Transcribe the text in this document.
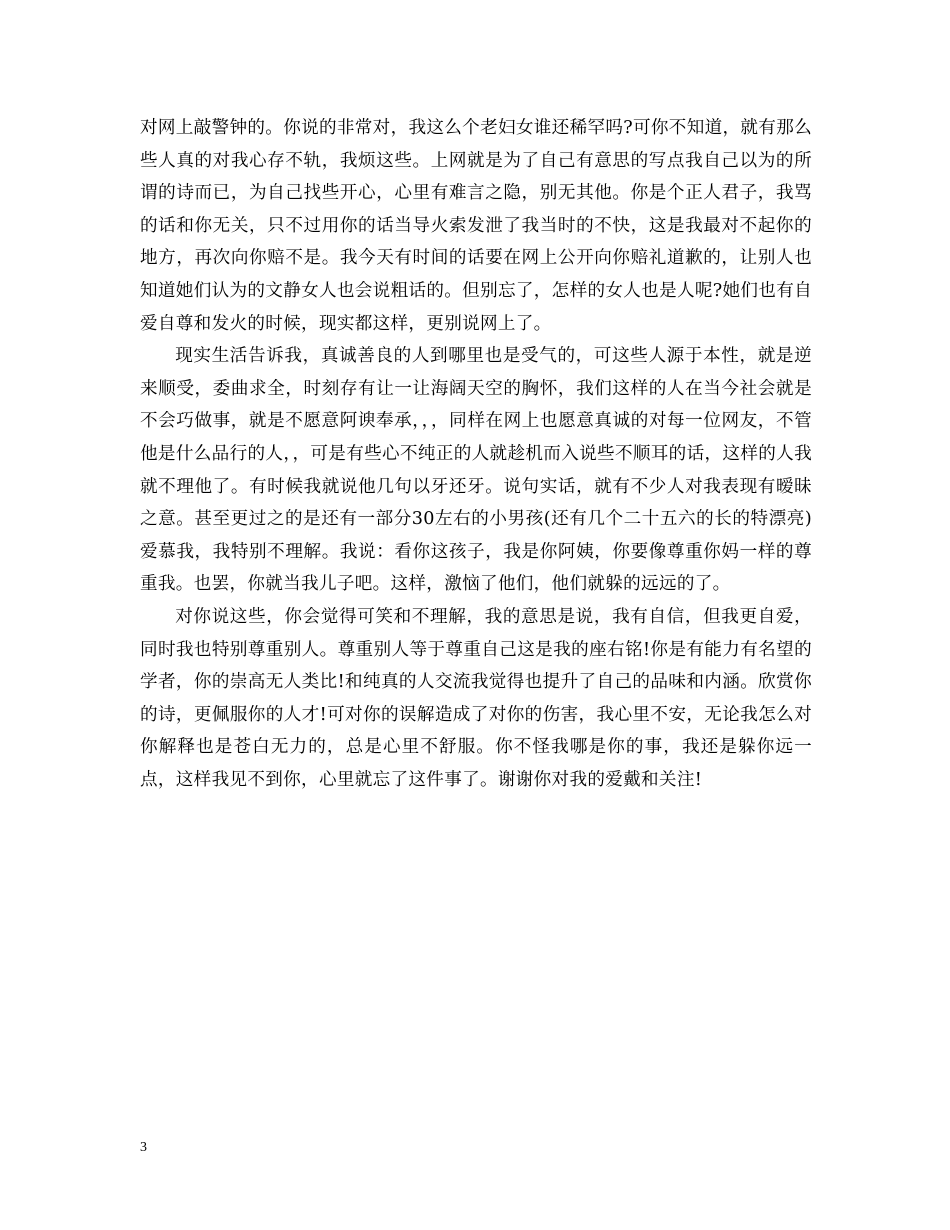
对网上敲警钟的。你说的非常对，我这么个老妇女谁还稀罕吗?可你不知道，就有那么些人真的对我心存不轨，我烦这些。上网就是为了自己有意思的写点我自己以为的所谓的诗而已，为自己找些开心，心里有难言之隐，别无其他。你是个正人君子，我骂的话和你无关，只不过用你的话当导火索发泄了我当时的不快，这是我最对不起你的地方，再次向你赔不是。我今天有时间的话要在网上公开向你赔礼道歉的，让别人也知道她们认为的文静女人也会说粗话的。但别忘了，怎样的女人也是人呢?她们也有自爱自尊和发火的时候，现实都这样，更别说网上了。

现实生活告诉我，真诚善良的人到哪里也是受气的，可这些人源于本性，就是逆来顺受，委曲求全，时刻存有让一让海阔天空的胸怀，我们这样的人在当今社会就是不会巧做事，就是不愿意阿谀奉承，，，同样在网上也愿意真诚的对每一位网友，不管他是什么品行的人，，可是有些心不纯正的人就趁机而入说些不顺耳的话，这样的人我就不理他了。有时候我就说他几句以牙还牙。说句实话，就有不少人对我表现有暧昧之意。甚至更过之的是还有一部分30左右的小男孩(还有几个二十五六的长的特漂亮)爱慕我，我特别不理解。我说：看你这孩子，我是你阿姨，你要像尊重你妈一样的尊重我。也罢，你就当我儿子吧。这样，激恼了他们，他们就躲的远远的了。

对你说这些，你会觉得可笑和不理解，我的意思是说，我有自信，但我更自爱，同时我也特别尊重别人。尊重别人等于尊重自己这是我的座右铭!你是有能力有名望的学者，你的崇高无人类比!和纯真的人交流我觉得也提升了自己的品味和内涵。欣赏你的诗，更佩服你的人才!可对你的误解造成了对你的伤害，我心里不安，无论我怎么对你解释也是苍白无力的，总是心里不舒服。你不怪我哪是你的事，我还是躲你远一点，这样我见不到你，心里就忘了这件事了。谢谢你对我的爱戴和关注!

3
